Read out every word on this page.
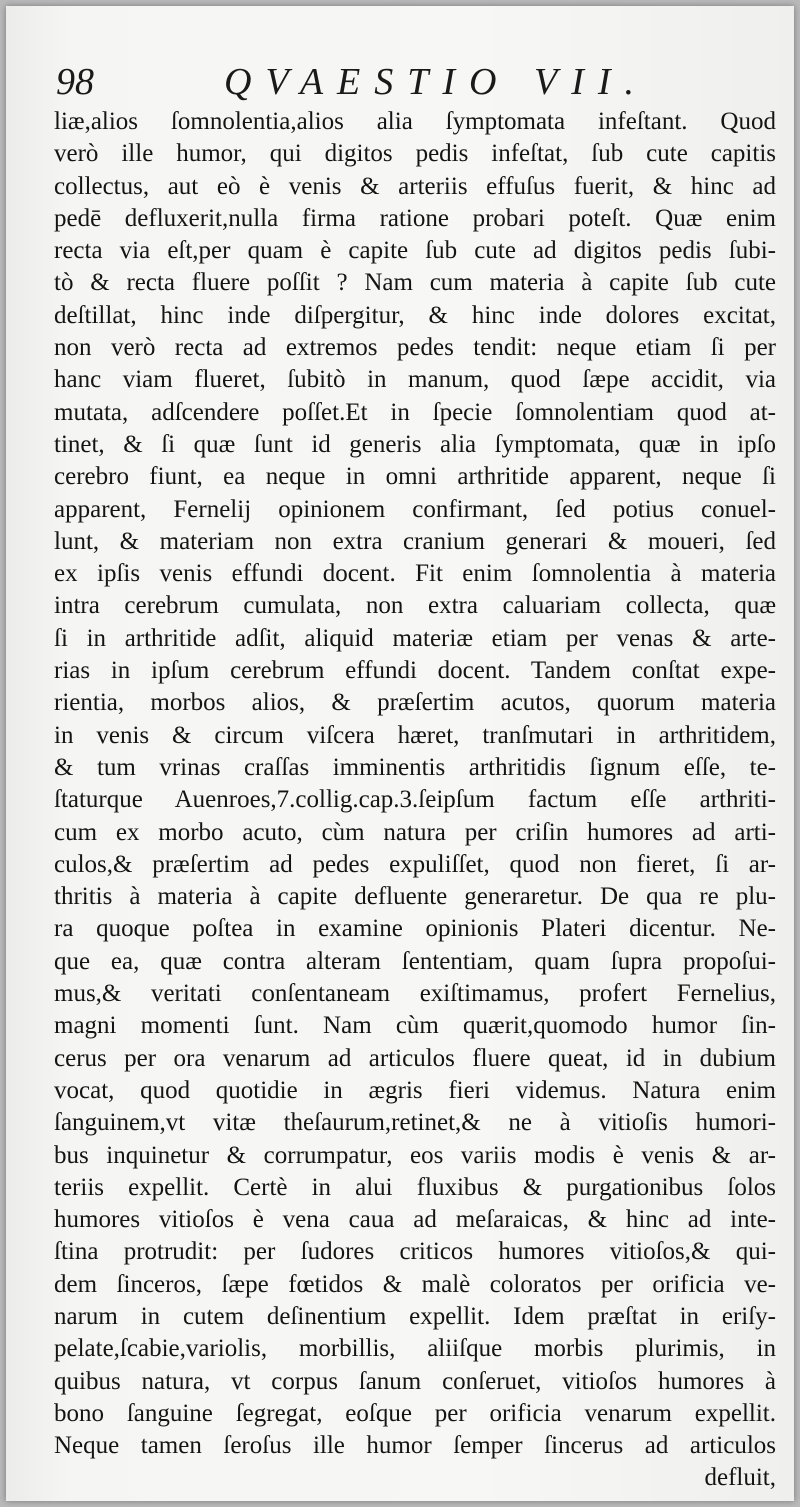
98	QVAESTIO VII.
liæ,alios ſomnolentia,alios alia ſymptomata infeſtant. Quod
verò ille humor, qui digitos pedis infeſtat, ſub cute capitis
collectus, aut eò è venis & arteriis effuſus fuerit, & hinc ad
pedē defluxerit,nulla firma ratione probari poteſt. Quæ enim
recta via eſt,per quam è capite ſub cute ad digitos pedis ſubi-
tò & recta fluere poſſit ? Nam cum materia à capite ſub cute
deſtillat, hinc inde diſpergitur, & hinc inde dolores excitat,
non verò recta ad extremos pedes tendit: neque etiam ſi per
hanc viam flueret, ſubitò in manum, quod ſæpe accidit, via
mutata, adſcendere poſſet.Et in ſpecie ſomnolentiam quod at-
tinet, & ſi quæ ſunt id generis alia ſymptomata, quæ in ipſo
cerebro fiunt, ea neque in omni arthritide apparent, neque ſi
apparent, Fernelij opinionem confirmant, ſed potius conuel-
lunt, & materiam non extra cranium generari & moueri, ſed
ex ipſis venis effundi docent. Fit enim ſomnolentia à materia
intra cerebrum cumulata, non extra caluariam collecta, quæ
ſi in arthritide adſit, aliquid materiæ etiam per venas & arte-
rias in ipſum cerebrum effundi docent. Tandem conſtat expe-
rientia, morbos alios, & præſertim acutos, quorum materia
in venis & circum viſcera hæret, tranſmutari in arthritidem,
& tum vrinas craſſas imminentis arthritidis ſignum eſſe, te-
ſtaturque Auenroes,7.collig.cap.3.ſeipſum factum eſſe arthriti-
cum ex morbo acuto, cùm natura per criſin humores ad arti-
culos,& præſertim ad pedes expuliſſet, quod non fieret, ſi ar-
thritis à materia à capite defluente generaretur. De qua re plu-
ra quoque poſtea in examine opinionis Plateri dicentur. Ne-
que ea, quæ contra alteram ſententiam, quam ſupra propoſui-
mus,& veritati conſentaneam exiſtimamus, profert Fernelius,
magni momenti ſunt. Nam cùm quærit,quomodo humor ſin-
cerus per ora venarum ad articulos fluere queat, id in dubium
vocat, quod quotidie in ægris fieri videmus. Natura enim
ſanguinem,vt vitæ theſaurum,retinet,& ne à vitioſis humori-
bus inquinetur & corrumpatur, eos variis modis è venis & ar-
teriis expellit. Certè in alui fluxibus & purgationibus ſolos
humores vitioſos è vena caua ad meſaraicas, & hinc ad inte-
ſtina protrudit: per ſudores criticos humores vitioſos,& qui-
dem ſinceros, ſæpe fœtidos & malè coloratos per orificia ve-
narum in cutem deſinentium expellit. Idem præſtat in eriſy-
pelate,ſcabie,variolis, morbillis, aliiſque morbis plurimis, in
quibus natura, vt corpus ſanum conſeruet, vitioſos humores à
bono ſanguine ſegregat, eoſque per orificia venarum expellit.
Neque tamen ſeroſus ille humor ſemper ſincerus ad articulos
defluit,
